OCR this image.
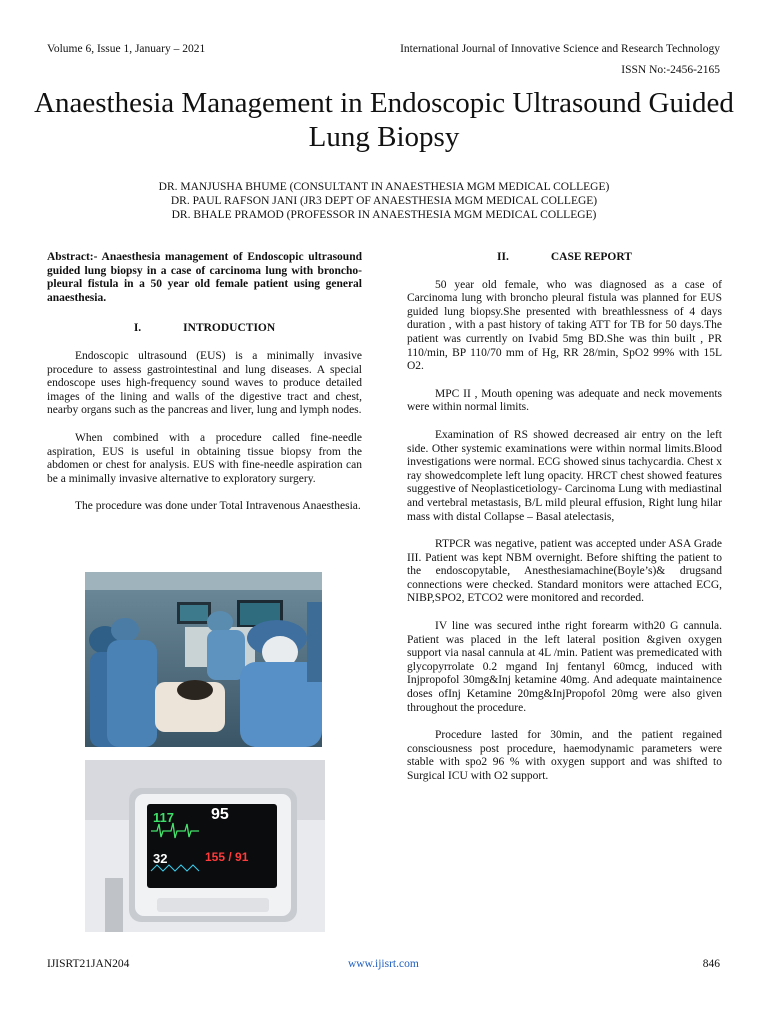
Volume 6, Issue 1, January – 2021	International Journal of Innovative Science and Research Technology
ISSN No:-2456-2165
Anaesthesia Management in Endoscopic Ultrasound Guided Lung Biopsy
DR. MANJUSHA BHUME (CONSULTANT IN ANAESTHESIA MGM MEDICAL COLLEGE)
DR. PAUL RAFSON JANI (JR3 DEPT OF ANAESTHESIA MGM MEDICAL COLLEGE)
DR. BHALE PRAMOD (PROFESSOR IN ANAESTHESIA MGM MEDICAL COLLEGE)

Abstract:- Anaesthesia management of Endoscopic ultrasound guided lung biopsy in a case of carcinoma lung with broncho-pleural fistula in a 50 year old female patient using general anaesthesia.

I.	INTRODUCTION

Endoscopic ultrasound (EUS) is a minimally invasive procedure to assess gastrointestinal and lung diseases. A special endoscope uses high-frequency sound waves to produce detailed images of the lining and walls of the digestive tract and chest, nearby organs such as the pancreas and liver, lung and lymph nodes.

When combined with a procedure called fine-needle aspiration, EUS is useful in obtaining tissue biopsy from the abdomen or chest for analysis. EUS with fine-needle aspiration can be a minimally invasive alternative to exploratory surgery.

The procedure was done under Total Intravenous Anaesthesia.

117 95
32	155 / 91
II.	CASE REPORT

50 year old female, who was diagnosed as a case of Carcinoma lung with broncho pleural fistula was planned for EUS guided lung biopsy.She presented with breathlessness of 4 days duration , with a past history of taking ATT for TB for 50 days.The patient was currently on Ivabid 5mg BD.She was thin built , PR 110/min, BP 110/70 mm of Hg, RR 28/min, SpO2 99% with 15L O2.

MPC II , Mouth opening was adequate and neck movements were within normal limits.

Examination of RS showed decreased air entry on the left side. Other systemic examinations were within normal limits.Blood investigations were normal. ECG showed sinus tachycardia. Chest x ray showedcomplete left lung opacity. HRCT chest showed features suggestive of Neoplasticetiology- Carcinoma Lung with mediastinal and vertebral metastasis, B/L mild pleural effusion, Right lung hilar mass with distal Collapse – Basal atelectasis,

RTPCR was negative, patient was accepted under ASA Grade III. Patient was kept NBM overnight. Before shifting the patient to the endoscopytable, Anesthesiamachine(Boyle’s)& drugsand connections were checked. Standard monitors were attached ECG, NIBP,SPO2, ETCO2 were monitored and recorded.

IV line was secured inthe right forearm with20 G cannula. Patient was placed in the left lateral position &given oxygen support via nasal cannula at 4L /min. Patient was premedicated with glycopyrrolate 0.2 mgand Inj fentanyl 60mcg, induced with Injpropofol 30mg&Inj ketamine 40mg. And adequate maintainence doses ofInj Ketamine 20mg&InjPropofol 20mg were also given throughout the procedure.

Procedure lasted for 30min, and the patient regained consciousness post procedure, haemodynamic parameters were stable with spo2 96 % with oxygen support and was shifted to Surgical ICU with O2 support.

IJISRT21JAN204	www.ijisrt.com	846
